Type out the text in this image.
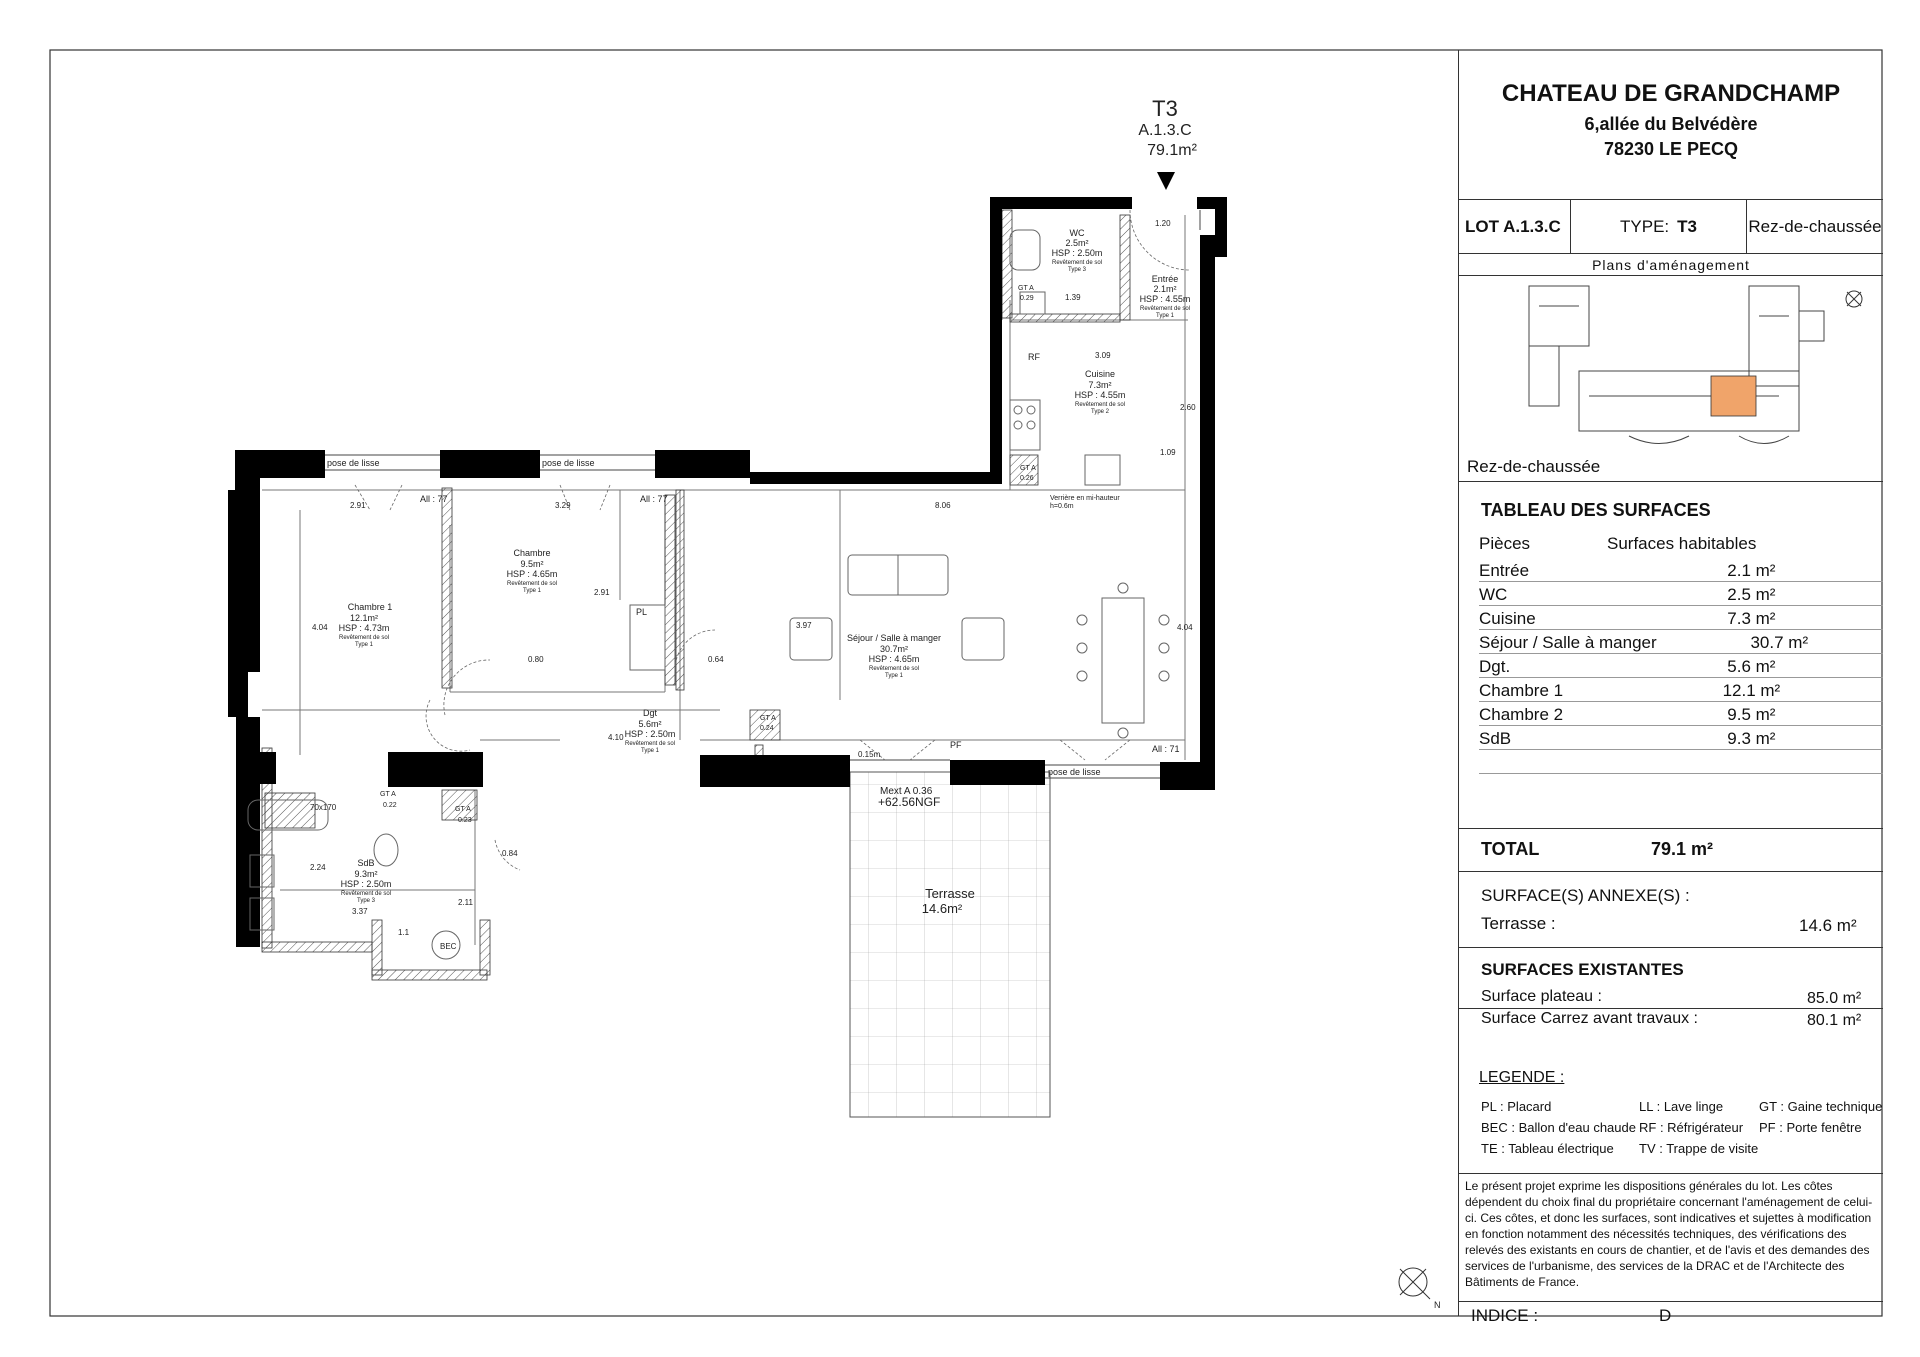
Terrasse
14.6m²
Mext A 0.36
+62.56NGF
T3
A.1.3.C
79.1m²
WC
2.5m²
HSP : 2.50m
Revêtement de sol
Type 3
Entrée
2.1m²
HSP : 4.55m
Revêtement de sol
Type 1
Cuisine
7.3m²
HSP : 4.55m
Revêtement de sol
Type 2
Chambre
9.5m²
HSP : 4.65m
Revêtement de sol
Type 1
Chambre 1
12.1m²
HSP : 4.73m
Revêtement de sol
Type 1
Séjour / Salle à manger
30.7m²
HSP : 4.65m
Revêtement de sol
Type 1
Dgt
5.6m²
HSP : 2.50m
Revêtement de sol
Type 1
SdB
9.3m²
HSP : 2.50m
Revêtement de sol
Type 3
pose de lisse	pose de lisse
pose de lisse
All : 77	All : 77
All : 71
RF
PL
PF
BEC
GT A
0.29
GT A
0.26
GT A
0.24
GT A
0.22
GT A
0.23
Verrière en mi-hauteur
h=0.6m
0.15m
70x170
1.20
1.39
3.09
2.60
1.09
8.06
2.91	3.29
4.04
2.91
3.97	4.04
4.10
2.24
3.37
2.11
1.1
0.84
0.80	0.64
N
CHATEAU DE GRANDCHAMP
6,allée du Belvédère
78230 LE PECQ
LOT A.1.3.C	TYPE: T3	Rez-de-chaussée
Plans d'aménagement
Rez-de-chaussée
TABLEAU DES SURFACES
Pièces	Surfaces habitables
Entrée	2.1 m²	
WC	2.5 m²	
Cuisine	7.3 m²	
Séjour / Salle à manger	30.7 m²	
Dgt.	5.6 m²	
Chambre 1	12.1 m²	
Chambre 2	9.5 m²	
SdB	9.3 m²	

TOTAL	79.1 m²
SURFACE(S) ANNEXE(S) :
Terrasse :	14.6 m²
SURFACES EXISTANTES
Surface plateau :	85.0 m²
Surface Carrez avant travaux :	80.1 m²
LEGENDE :
PL : Placard	LL : Lave linge	GT : Gaine technique
BEC : Ballon d'eau chaude RF : Réfrigérateur PF : Porte fenêtre
TE : Tableau électrique TV : Trappe de visite
Le présent projet exprime les dispositions générales du lot. Les côtes dépendent du choix final du propriétaire concernant l'aménagement de celui-ci. Ces côtes, et donc les surfaces, sont indicatives et sujettes à modification en fonction notamment des nécessités techniques, des vérifications des relevés des existants en cours de chantier, et de l'avis et des demandes des services de l'urbanisme, des services de la DRAC et de l'Architecte des Bâtiments de France.
INDICE :	D
